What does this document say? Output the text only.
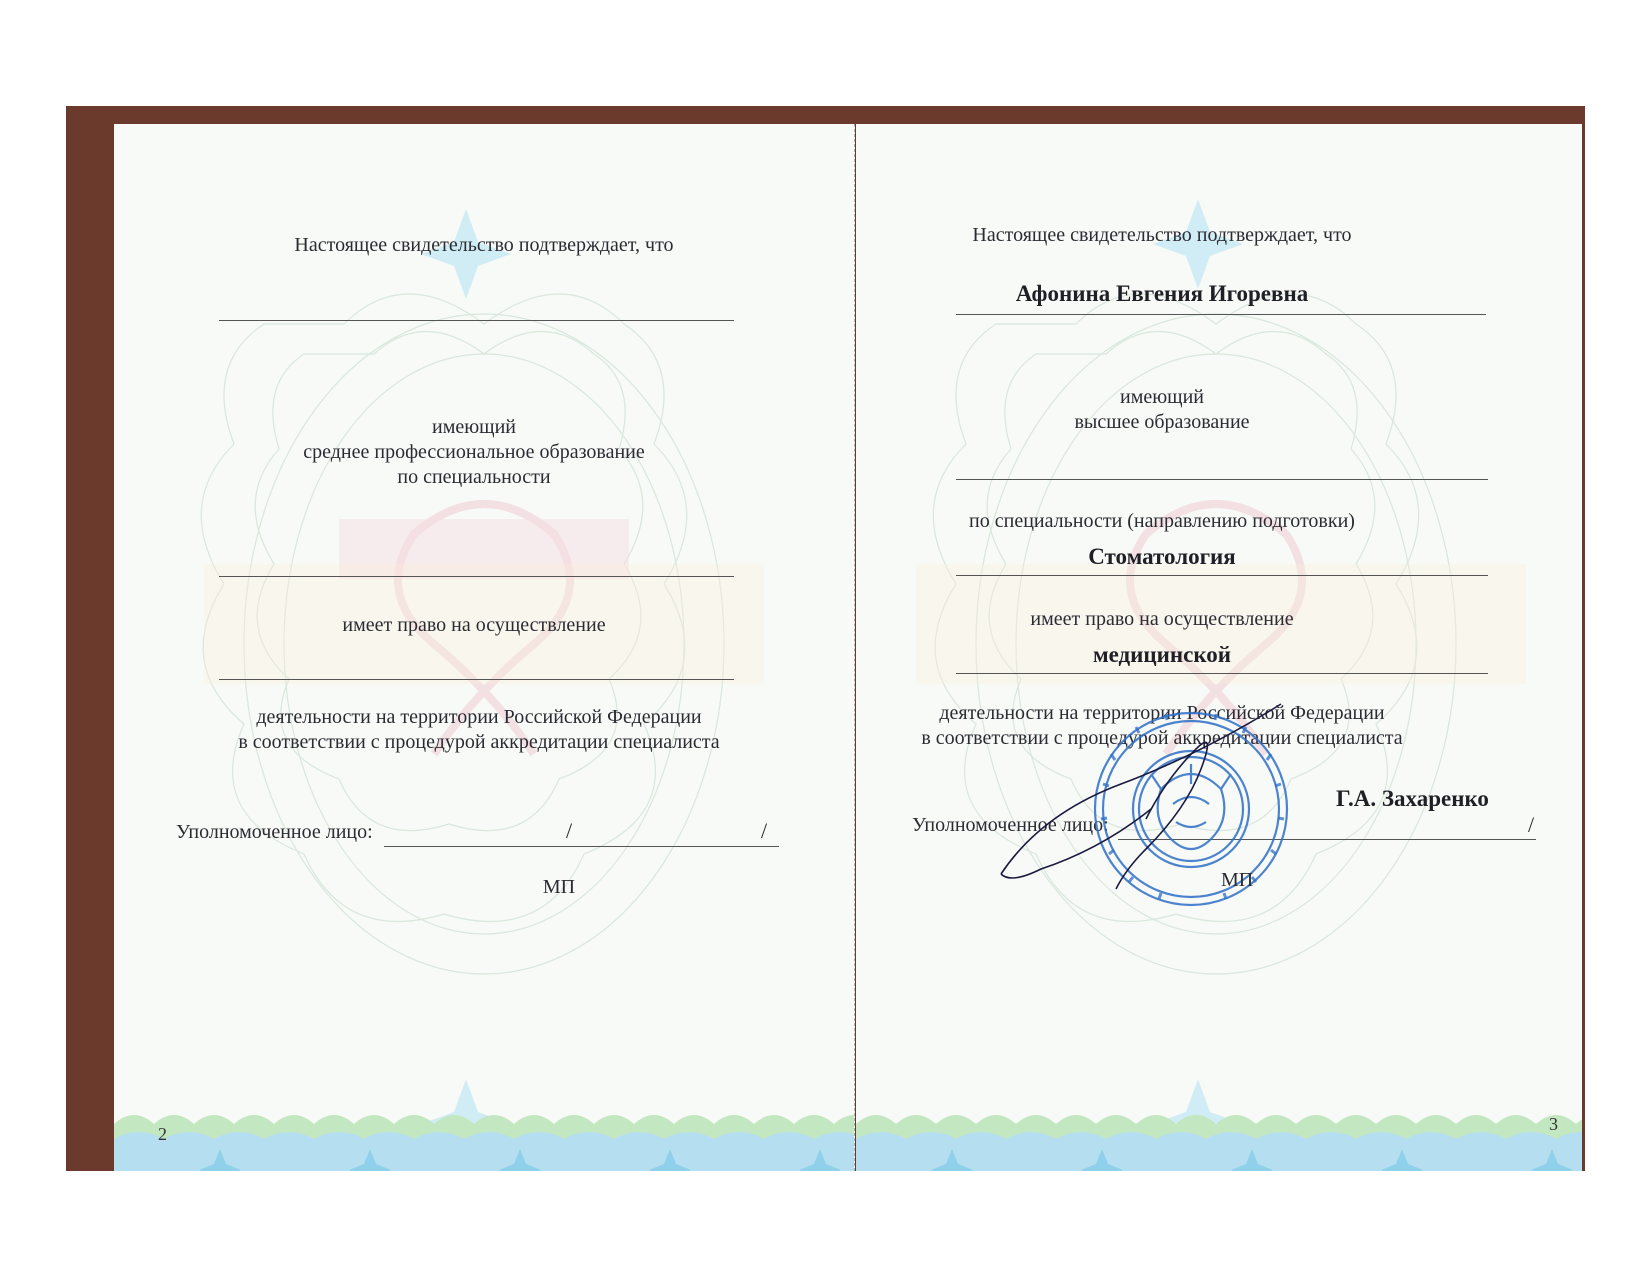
Настоящее свидетельство подтверждает, что
имеющий
среднее профессиональное образование
по специальности
имеет право на осуществление
деятельности на территории Российской Федерации
в соответствии с процедурой аккредитации специалиста
Уполномоченное лицо:	/	/
МП
2
Настоящее свидетельство подтверждает, что
Афонина Евгения Игоревна
имеющий
высшее образование
по специальности (направлению подготовки)
Стоматология
имеет право на осуществление
медицинской
деятельности на территории Российской Федерации
в соответствии с процедурой аккредитации специалиста
Уполномоченное лицо:
Г.А. Захаренко
/
МП
3
